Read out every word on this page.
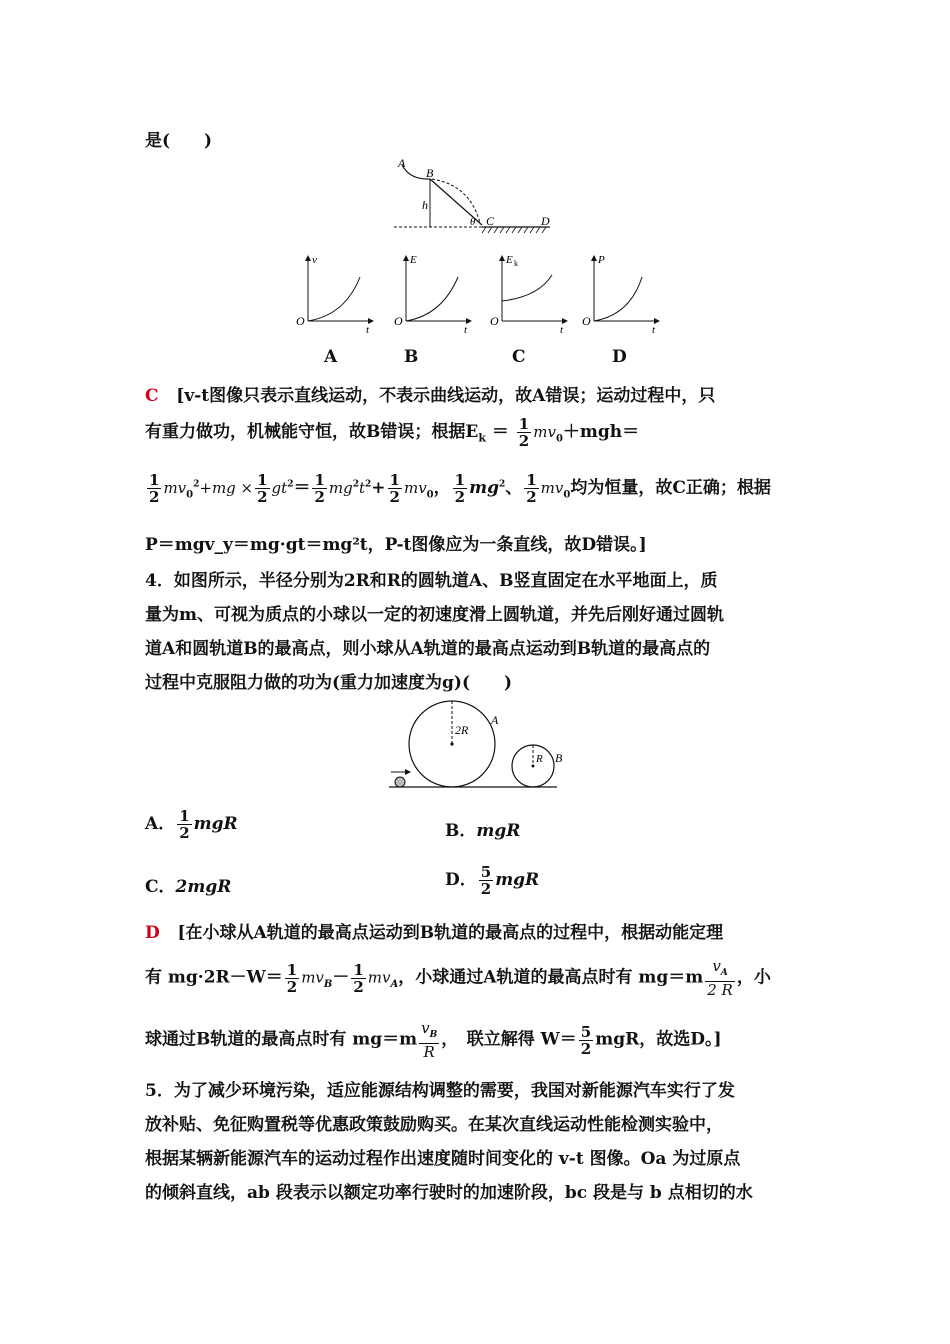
是(　　)
A
B
h
θ C	D
v
O
t
E
O
t
E k
O
t
P
O
t
A	B	C	D
C [v-t图像只表示直线运动，不表示曲线运动，故A错误；运动过程中，只
有重力做功，机械能守恒，故B错误；根据$E_k = \frac{1}{2} mv_0+mgh=$
$\frac{1}{2} mv_0^2+mg \times \frac{1}{2} gt^2= \frac{1}{2} mg^2t^2+ \frac{1}{2} mv_0$， $\frac{1}{2} mg^2$、 $\frac{1}{2} mv_0$均为恒量，故C正确；根据
P＝mgv_y＝mg·gt＝mg²t，P-t图像应为一条直线，故D错误。]
4．如图所示，半径分别为2R和R的圆轨道A、B竖直固定在水平地面上，质
量为m、可视为质点的小球以一定的初速度滑上圆轨道，并先后刚好通过圆轨
道A和圆轨道B的最高点，则小球从A轨道的最高点运动到B轨道的最高点的
过程中克服阻力做的功为(重力加速度为g)(　　)
2R
R
A
B
A． $\frac{1}{2}$ mgR	B．mgR
C．2mgR	D． $\frac{5}{2}$ mgR
D [在小球从A轨道的最高点运动到B轨道的最高点的过程中，根据动能定理
有 $mg\cdot 2R-W= \frac{1}{2} mv_B- \frac{1}{2} mv_A$，小球通过A轨道的最高点时有 $mg=m \frac{v_A}{2 R}$ ，小
球通过B轨道的最高点时有 $mg=m \frac{v_B}{R}$ ，　联立解得 $W= \frac{5}{2}$ mgR，故选D。]
5．为了减少环境污染，适应能源结构调整的需要，我国对新能源汽车实行了发
放补贴、免征购置税等优惠政策鼓励购买。在某次直线运动性能检测实验中，
根据某辆新能源汽车的运动过程作出速度随时间变化的 v-t 图像。Oa 为过原点
的倾斜直线，ab 段表示以额定功率行驶时的加速阶段，bc 段是与 b 点相切的水
